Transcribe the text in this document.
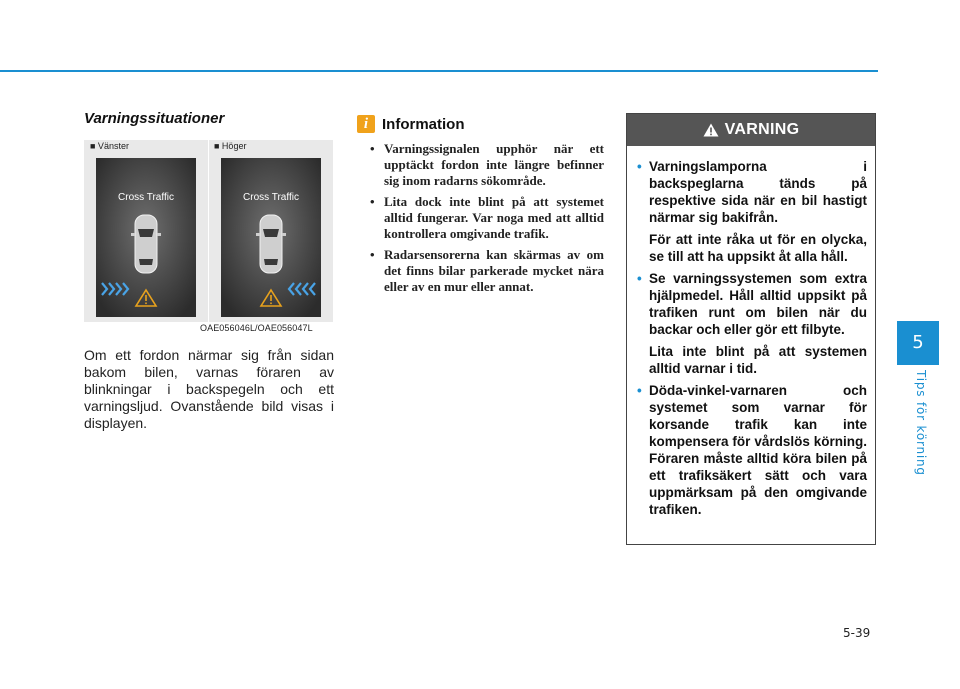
Varningssituationer
■ Vänster	■ Höger
Cross Traffic	Cross Traffic
OAE056046L/OAE056047L

Om ett fordon närmar sig från sidan bakom bilen, varnas föraren av blinkningar i backspegeln och ett varningsljud. Ovanstående bild visas i displayen.

i Information
• Varningssignalen upphör när ett upptäckt fordon inte längre befinner sig inom radarns sökområde.
• Lita dock inte blint på att systemet alltid fungerar. Var noga med att alltid kontrollera omgivande trafik.
• Radarsensorerna kan skärmas av om det finns bilar parkerade mycket nära eller av en mur eller annat.
VARNING
• Varningslamporna i backspeglarna tänds på respektive sida när en bil hastigt närmar sig bakifrån.
För att inte råka ut för en olycka, se till att ha uppsikt åt alla håll.
• Se varningssystemen som extra hjälpmedel. Håll alltid uppsikt på trafiken runt om bilen när du backar och eller gör ett filbyte.
Lita inte blint på att systemen alltid varnar i tid.
• Döda-vinkel-varnaren och systemet som varnar för korsande trafik kan inte kompensera för vårdslös körning. Föraren måste alltid köra bilen på ett trafiksäkert sätt och vara uppmärksam på den omgivande trafiken.
5
Tips för körning
5-39
